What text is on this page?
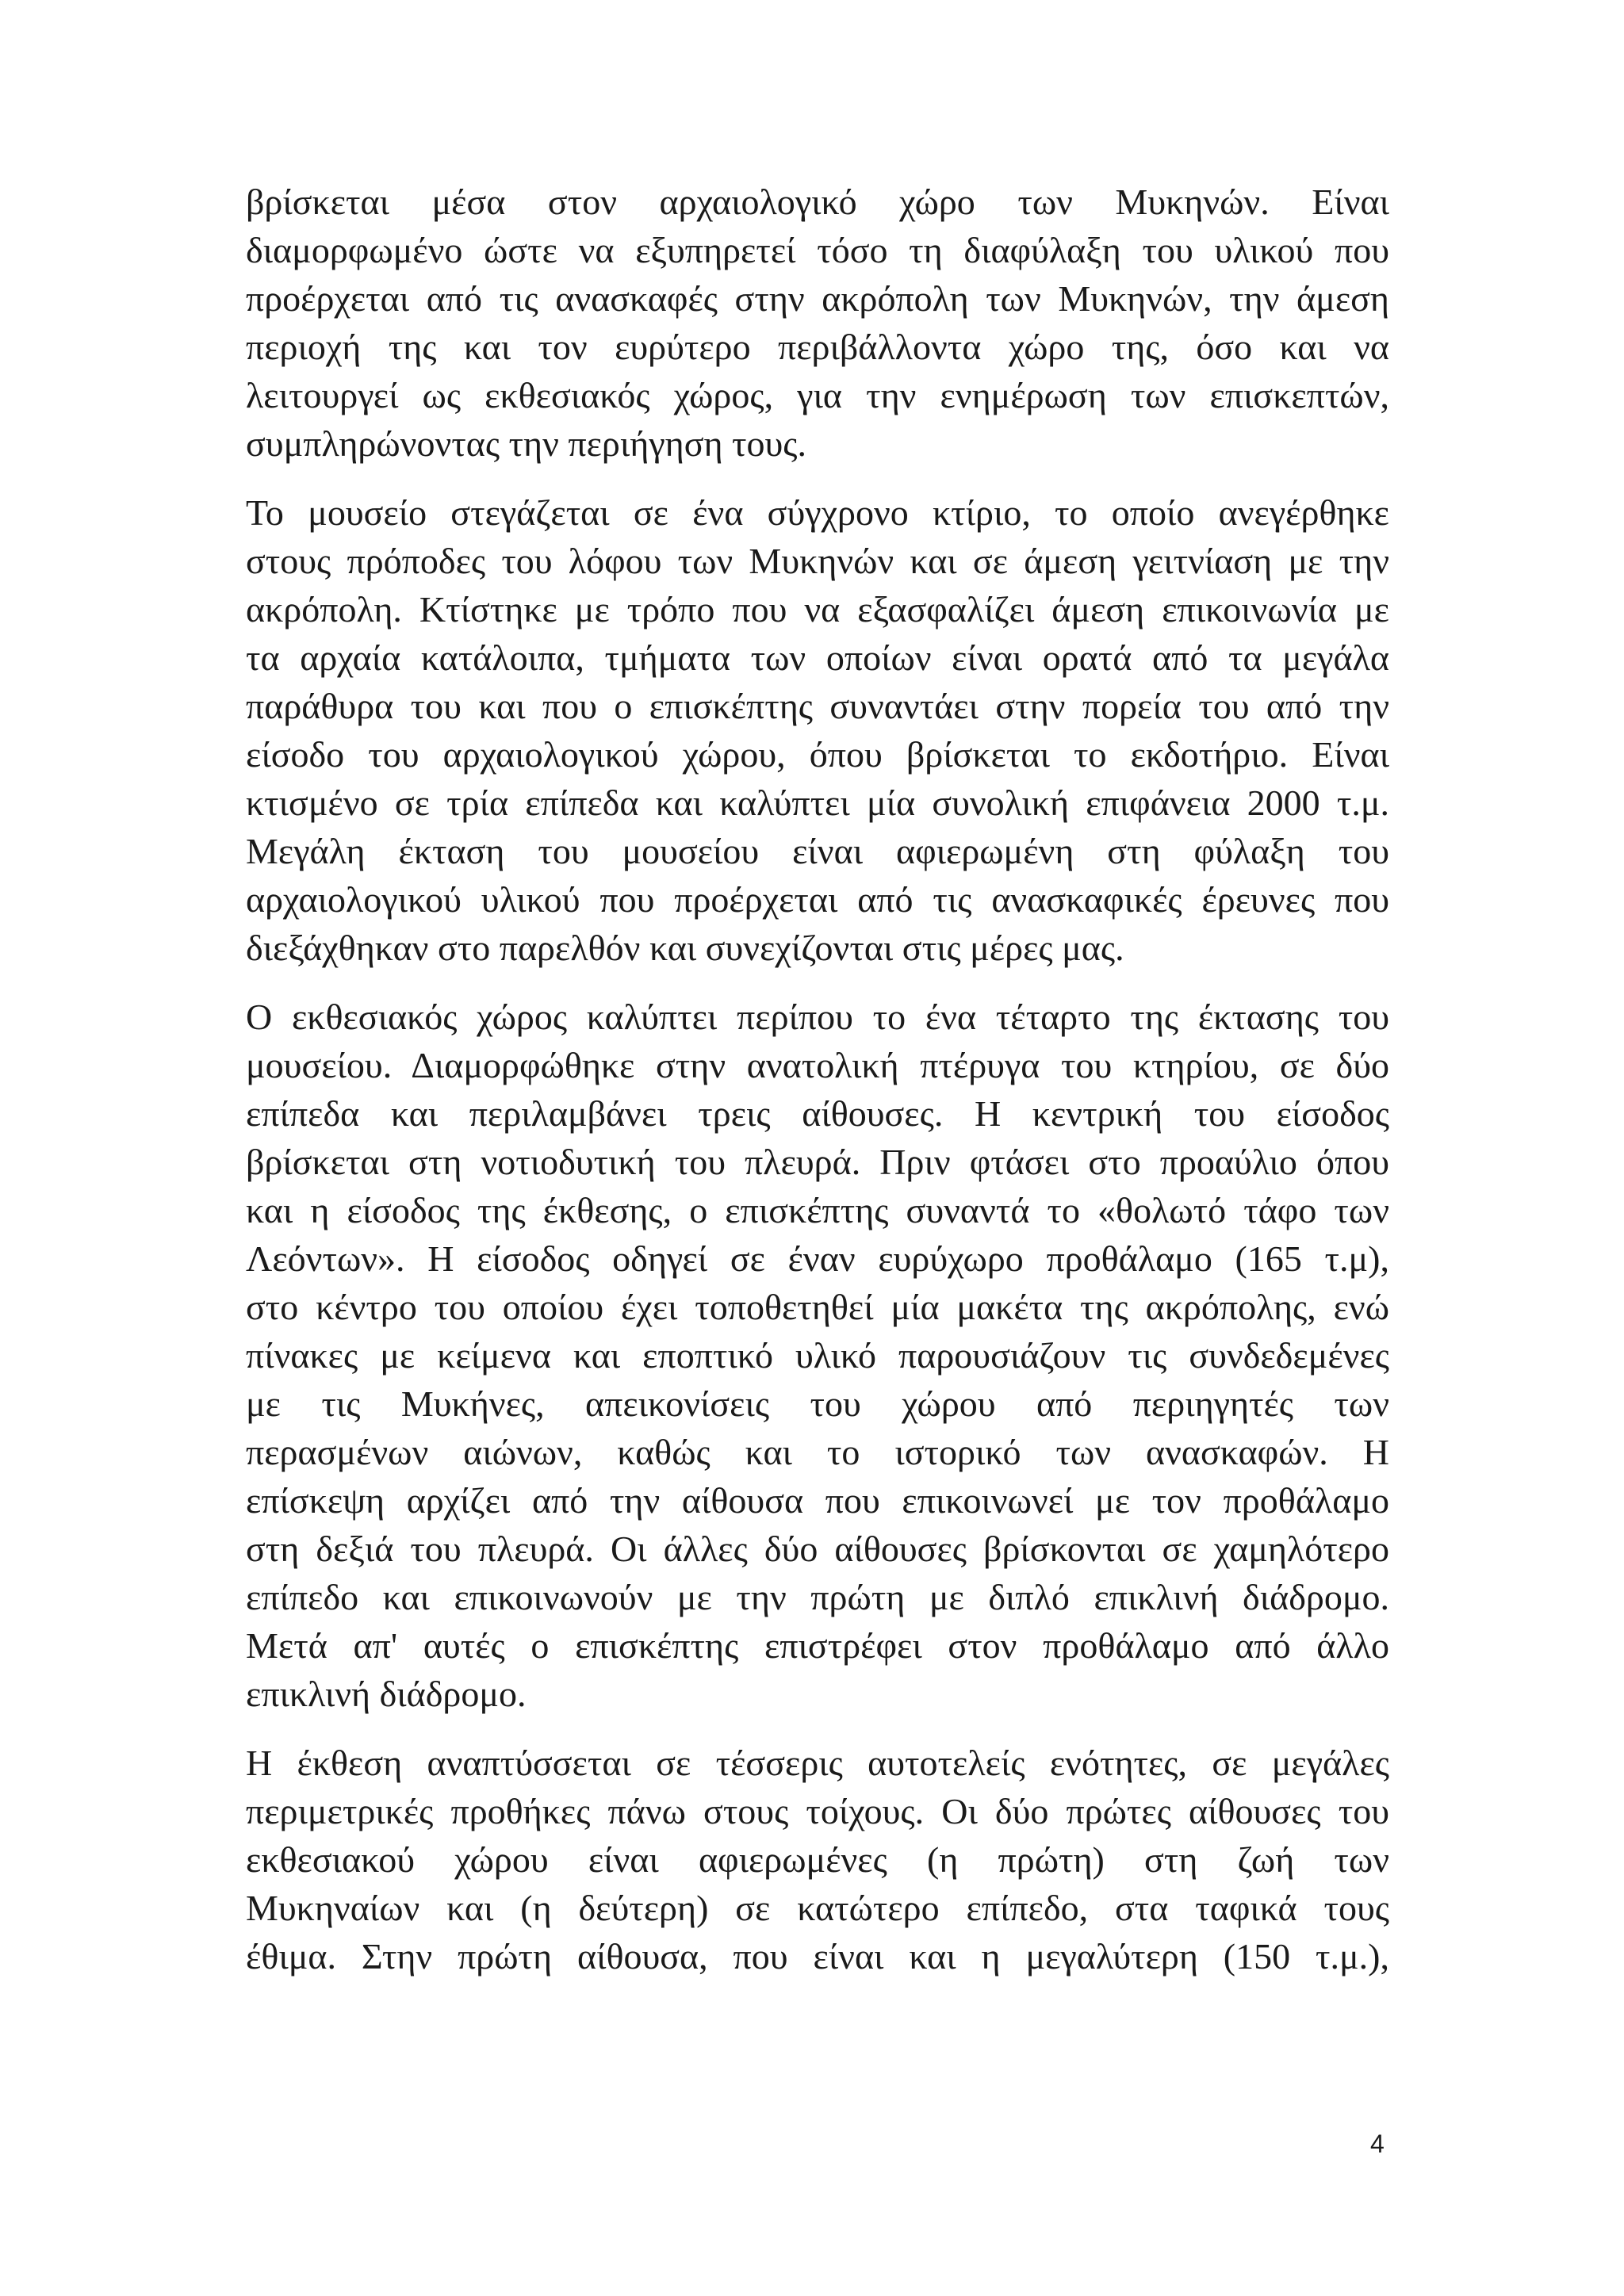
βρίσκεται μέσα στον αρχαιολογικό χώρο των Μυκηνών. Είναι
διαμορφωμένο ώστε να εξυπηρετεί τόσο τη διαφύλαξη του υλικού που
προέρχεται από τις ανασκαφές στην ακρόπολη των Μυκηνών, την άμεση
περιοχή της και τον ευρύτερο περιβάλλοντα χώρο της, όσο και να
λειτουργεί ως εκθεσιακός χώρος, για την ενημέρωση των επισκεπτών,
συμπληρώνοντας την περιήγηση τους.

Το μουσείο στεγάζεται σε ένα σύγχρονο κτίριο, το οποίο ανεγέρθηκε
στους πρόποδες του λόφου των Μυκηνών και σε άμεση γειτνίαση με την
ακρόπολη. Κτίστηκε με τρόπο που να εξασφαλίζει άμεση επικοινωνία με
τα αρχαία κατάλοιπα, τμήματα των οποίων είναι ορατά από τα μεγάλα
παράθυρα του και που ο επισκέπτης συναντάει στην πορεία του από την
είσοδο του αρχαιολογικού χώρου, όπου βρίσκεται το εκδοτήριο. Είναι
κτισμένο σε τρία επίπεδα και καλύπτει μία συνολική επιφάνεια 2000 τ.μ.
Μεγάλη έκταση του μουσείου είναι αφιερωμένη στη φύλαξη του
αρχαιολογικού υλικού που προέρχεται από τις ανασκαφικές έρευνες που
διεξάχθηκαν στο παρελθόν και συνεχίζονται στις μέρες μας.

Ο εκθεσιακός χώρος καλύπτει περίπου το ένα τέταρτο της έκτασης του
μουσείου. Διαμορφώθηκε στην ανατολική πτέρυγα του κτηρίου, σε δύο
επίπεδα και περιλαμβάνει τρεις αίθουσες. Η κεντρική του είσοδος
βρίσκεται στη νοτιοδυτική του πλευρά. Πριν φτάσει στο προαύλιο όπου
και η είσοδος της έκθεσης, ο επισκέπτης συναντά το «θολωτό τάφο των
Λεόντων». Η είσοδος οδηγεί σε έναν ευρύχωρο προθάλαμο (165 τ.μ),
στο κέντρο του οποίου έχει τοποθετηθεί μία μακέτα της ακρόπολης, ενώ
πίνακες με κείμενα και εποπτικό υλικό παρουσιάζουν τις συνδεδεμένες
με τις Μυκήνες, απεικονίσεις του χώρου από περιηγητές των
περασμένων αιώνων, καθώς και το ιστορικό των ανασκαφών. Η
επίσκεψη αρχίζει από την αίθουσα που επικοινωνεί με τον προθάλαμο
στη δεξιά του πλευρά. Οι άλλες δύο αίθουσες βρίσκονται σε χαμηλότερο
επίπεδο και επικοινωνούν με την πρώτη με διπλό επικλινή διάδρομο.
Μετά απ' αυτές ο επισκέπτης επιστρέφει στον προθάλαμο από άλλο
επικλινή διάδρομο.

Η έκθεση αναπτύσσεται σε τέσσερις αυτοτελείς ενότητες, σε μεγάλες
περιμετρικές προθήκες πάνω στους τοίχους. Οι δύο πρώτες αίθουσες του
εκθεσιακού χώρου είναι αφιερωμένες (η πρώτη) στη ζωή των
Μυκηναίων και (η δεύτερη) σε κατώτερο επίπεδο, στα ταφικά τους
έθιμα. Στην πρώτη αίθουσα, που είναι και η μεγαλύτερη (150 τ.μ.),

4
